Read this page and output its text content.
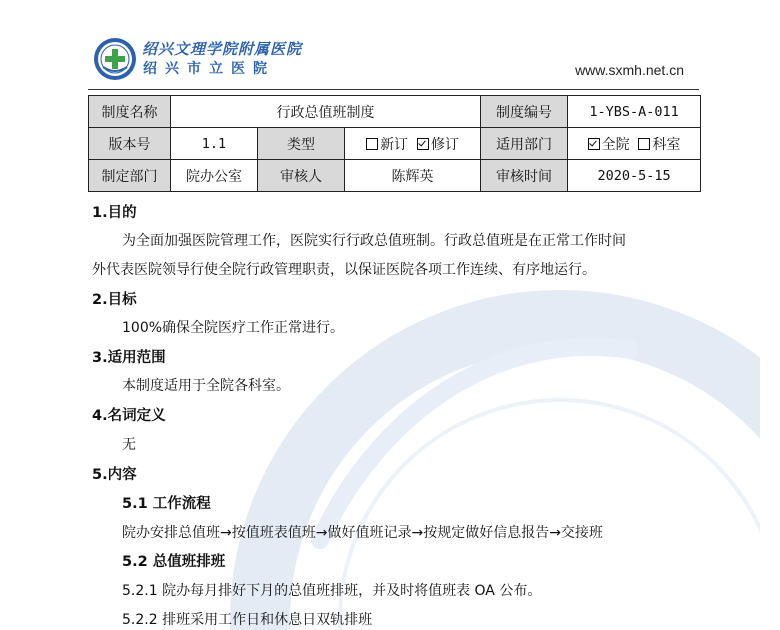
绍兴文理学院附属医院
绍兴市立医院	www.sxmh.net.cn
制度名称	行政总值班制度			制度编号	1-YBS-A-011
版本号	1.1	类型	新订 修订	适用部门	全院 科室
制定部门	院办公室	审核人	陈辉英	审核时间	2020-5-15
1.目的
为全面加强医院管理工作，医院实行行政总值班制。行政总值班是在正常工作时间
外代表医院领导行使全院行政管理职责，以保证医院各项工作连续、有序地运行。
2.目标
100%确保全院医疗工作正常进行。
3.适用范围
本制度适用于全院各科室。
4.名词定义
无
5.内容
5.1 工作流程
院办安排总值班→按值班表值班→做好值班记录→按规定做好信息报告→交接班
5.2 总值班排班
5.2.1 院办每月排好下月的总值班排班，并及时将值班表 OA 公布。
5.2.2 排班采用工作日和休息日双轨排班
